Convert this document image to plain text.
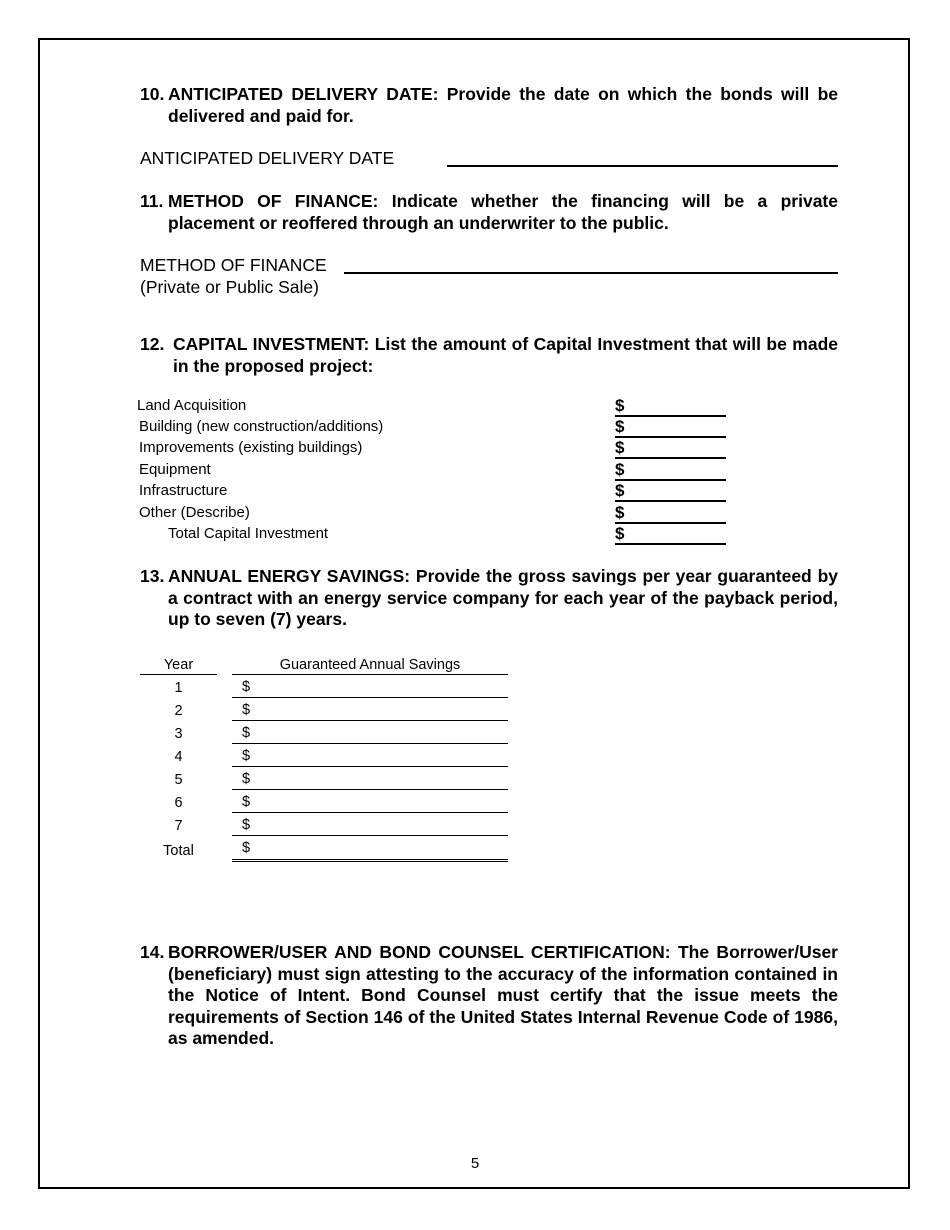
10. ANTICIPATED DELIVERY DATE: Provide the date on which the bonds will be delivered and paid for.
ANTICIPATED DELIVERY DATE
11. METHOD OF FINANCE: Indicate whether the financing will be a private placement or reoffered through an underwriter to the public.
METHOD OF FINANCE
(Private or Public Sale)
12. CAPITAL INVESTMENT: List the amount of Capital Investment that will be made in the proposed project:
Land Acquisition	$
Building (new construction/additions)	$
Improvements (existing buildings)	$
Equipment	$
Infrastructure	$
Other (Describe)	$
Total Capital Investment	$
13. ANNUAL ENERGY SAVINGS: Provide the gross savings per year guaranteed by a contract with an energy service company for each year of the payback period, up to seven (7) years.
Year	Guaranteed Annual Savings
1	$
2	$
3	$
4	$
5	$
6	$
7	$
Total	$
14. BORROWER/USER AND BOND COUNSEL CERTIFICATION: The Borrower/User (beneficiary) must sign attesting to the accuracy of the information contained in the Notice of Intent. Bond Counsel must certify that the issue meets the requirements of Section 146 of the United States Internal Revenue Code of 1986, as amended.
5
